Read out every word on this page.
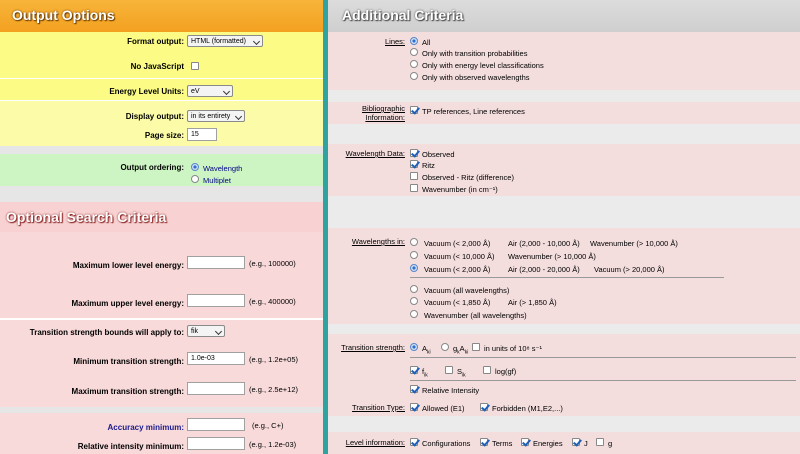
Output Options
Format output:	HTML (formatted)
No JavaScript
Energy Level Units:	eV
Display output:	in its entirety
Page size:	15
Output ordering:	Wavelength
Multiplet
Optional Search Criteria
Maximum lower level energy:	(e.g., 100000)
Maximum upper level energy:	(e.g., 400000)
Transition strength bounds will apply to:	fik
Minimum transition strength:	1.0e-03	(e.g., 1.2e+05)
Maximum transition strength:	(e.g., 2.5e+12)
Accuracy minimum:	(e.g., C+)
Relative intensity minimum:	(e.g., 1.2e-03)
Additional Criteria
Lines: All
Only with transition probabilities
Only with energy level classifications
Only with observed wavelengths
Bibliographic
Information:
TP references, Line references
Wavelength Data: Observed
Ritz
Observed - Ritz (difference)
Wavenumber (in cm⁻¹)
Wavelengths in:	Vacuum (< 2,000 Å) Air (2,000 - 10,000 Å) Wavenumber (> 10,000 Å)
Vacuum (< 10,000 Å) Wavenumber (> 10,000 Å)
Vacuum (< 2,000 Å) Air (2,000 - 20,000 Å) Vacuum (> 20,000 Å)
Vacuum (all wavelengths)
Vacuum (< 1,850 Å) Air (> 1,850 Å)
Wavenumber (all wavelengths)
Transition strength: $A_{ki}$	$g_kA_{ki}$ in units of 10⁸ s⁻¹
$f_{ik}$	$S_{ik}$	log(gf)
Relative Intensity
Transition Type: Allowed (E1)	Forbidden (M1,E2,...)
Level information: Configurations	Terms	Energies	J	g
